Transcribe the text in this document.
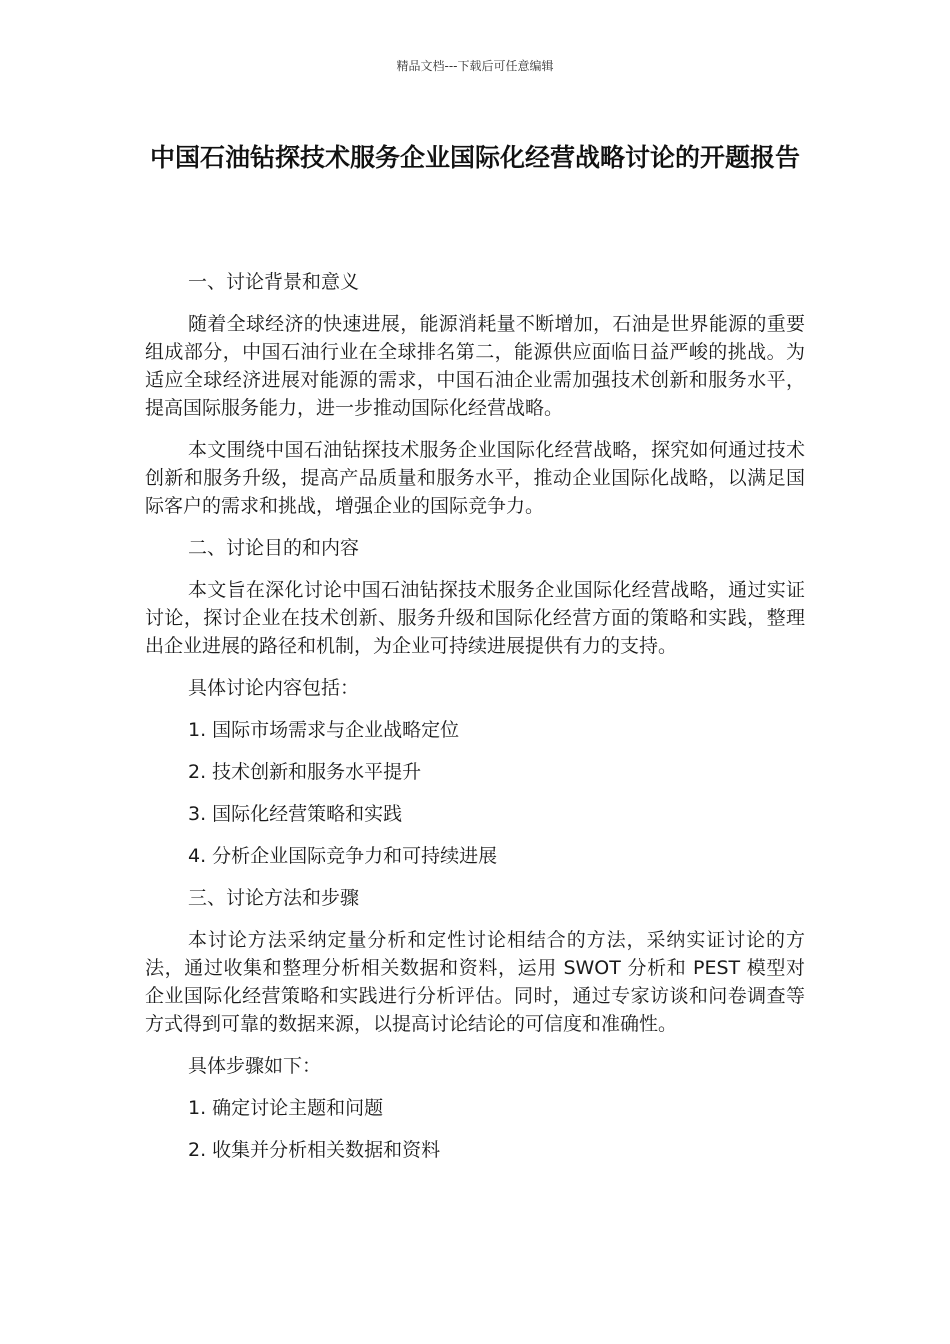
精品文档---下载后可任意编辑
中国石油钻探技术服务企业国际化经营战略讨论的开题报告
一、讨论背景和意义

随着全球经济的快速进展，能源消耗量不断增加，石油是世界能源的重要组成部分，中国石油行业在全球排名第二，能源供应面临日益严峻的挑战。为适应全球经济进展对能源的需求，中国石油企业需加强技术创新和服务水平，提高国际服务能力，进一步推动国际化经营战略。

本文围绕中国石油钻探技术服务企业国际化经营战略，探究如何通过技术创新和服务升级，提高产品质量和服务水平，推动企业国际化战略，以满足国际客户的需求和挑战，增强企业的国际竞争力。

二、讨论目的和内容

本文旨在深化讨论中国石油钻探技术服务企业国际化经营战略，通过实证讨论，探讨企业在技术创新、服务升级和国际化经营方面的策略和实践，整理出企业进展的路径和机制，为企业可持续进展提供有力的支持。

具体讨论内容包括：
1. 国际市场需求与企业战略定位
2. 技术创新和服务水平提升
3. 国际化经营策略和实践
4. 分析企业国际竞争力和可持续进展
三、讨论方法和步骤

本讨论方法采纳定量分析和定性讨论相结合的方法，采纳实证讨论的方法，通过收集和整理分析相关数据和资料，运用 SWOT 分析和 PEST 模型对企业国际化经营策略和实践进行分析评估。同时，通过专家访谈和问卷调查等方式得到可靠的数据来源，以提高讨论结论的可信度和准确性。

具体步骤如下：
1. 确定讨论主题和问题
2. 收集并分析相关数据和资料
